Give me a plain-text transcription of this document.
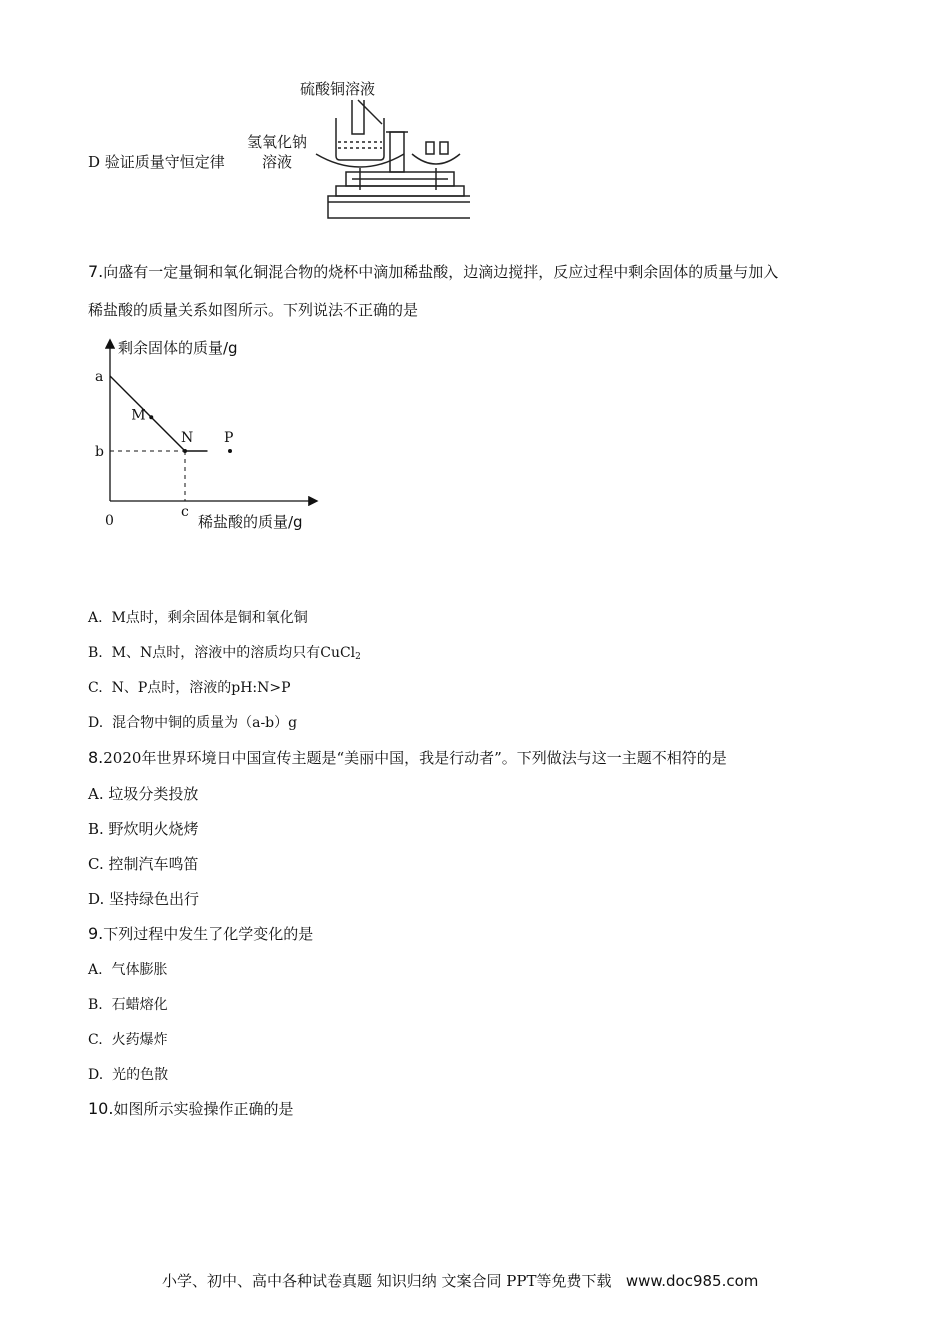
D 验证质量守恒定律
硫酸铜溶液
氢氧化钠
溶液
7.向盛有一定量铜和氧化铜混合物的烧杯中滴加稀盐酸，边滴边搅拌，反应过程中剩余固体的质量与加入
稀盐酸的质量关系如图所示。下列说法不正确的是
剩余固体的质量/g
稀盐酸的质量/g
0
a
b
c
M
N P
A. M点时，剩余固体是铜和氧化铜
B. M、N点时，溶液中的溶质均只有CuCl$_2$
C. N、P点时，溶液的pH:N>P
D. 混合物中铜的质量为（a-b）g
8.2020年世界环境日中国宣传主题是“美丽中国，我是行动者”。下列做法与这一主题不相符的是
A. 垃圾分类投放
B. 野炊明火烧烤
C. 控制汽车鸣笛
D. 坚持绿色出行
9.下列过程中发生了化学变化的是
A. 气体膨胀
B. 石蜡熔化
C. 火药爆炸
D. 光的色散
10.如图所示实验操作正确的是
小学、初中、高中各种试卷真题 知识归纳 文案合同 PPT等免费下载 www.doc985.com
